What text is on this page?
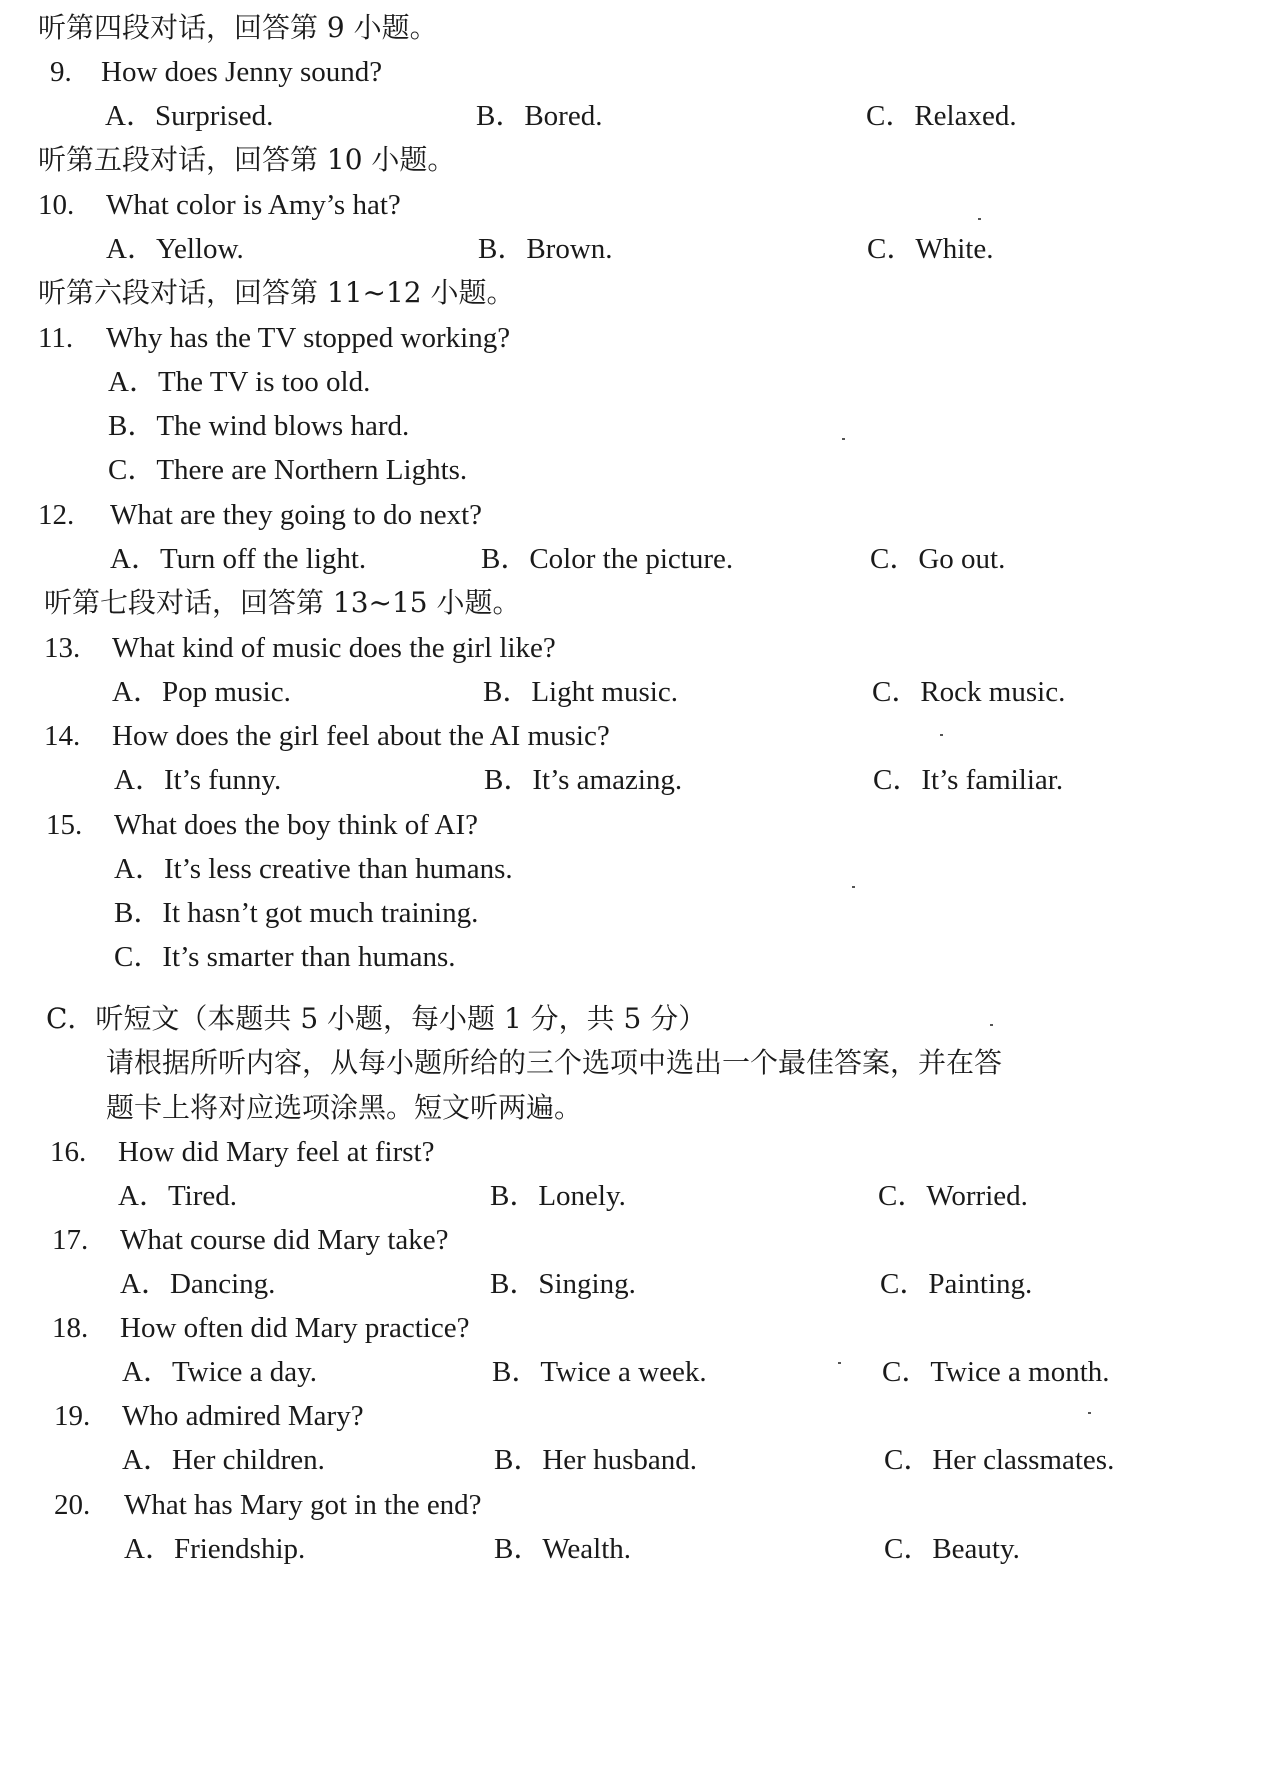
听第四段对话，回答第 9 小题。
9. How does Jenny sound?
A．Surprised.	B．Bored.	C．Relaxed.
听第五段对话，回答第 10 小题。
10. What color is Amy’s hat?
A．Yellow.	B．Brown.	C．White.
听第六段对话，回答第 11~12 小题。
11. Why has the TV stopped working?
A．The TV is too old.
B．The wind blows hard.
C．There are Northern Lights.
12. What are they going to do next?
A．Turn off the light.	B．Color the picture.	C．Go out.
听第七段对话，回答第 13~15 小题。
13. What kind of music does the girl like?
A．Pop music.	B．Light music.	C．Rock music.
14. How does the girl feel about the AI music?
A．It’s funny.	B．It’s amazing.	C．It’s familiar.
15. What does the boy think of AI?
A．It’s less creative than humans.
B．It hasn’t got much training.
C．It’s smarter than humans.
C．听短文（本题共 5 小题，每小题 1 分，共 5 分）
请根据所听内容，从每小题所给的三个选项中选出一个最佳答案，并在答
题卡上将对应选项涂黑。短文听两遍。
16. How did Mary feel at first?
A．Tired.	B．Lonely.	C．Worried.
17. What course did Mary take?
A．Dancing.	B．Singing.	C．Painting.
18. How often did Mary practice?
A．Twice a day.	B．Twice a week.	C．Twice a month.
19. Who admired Mary?
A．Her children.	B．Her husband.	C．Her classmates.
20. What has Mary got in the end?
A．Friendship.	B．Wealth.	C．Beauty.
